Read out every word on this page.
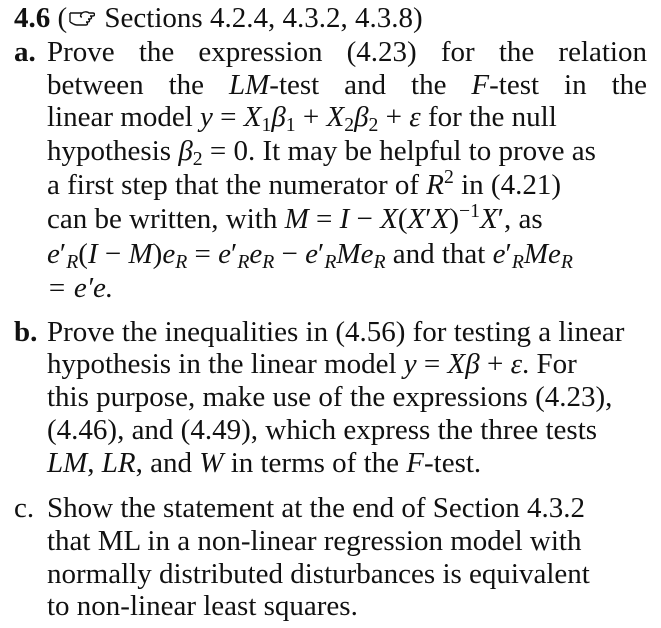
4.6 ( Sections 4.2.4, 4.3.2, 4.3.8)
a. Prove the expression (4.23) for the relation
between the LM-test and the F-test in the
linear model $y = X_1\beta_1 + X_2\beta_2 + \varepsilon$ for the null
hypothesis $\beta_2 = 0$. It may be helpful to prove as
a first step that the numerator of $R^2$ in (4.21)
can be written, with $M = I - X(X'X)^{-1}X'$, as
$e'_R(I - M)e_R = e'_Re_R - e'_RMe_R$ and that $e'_RMe_R$
= e′e.
b. Prove the inequalities in (4.56) for testing a linear
hypothesis in the linear model y = Xβ + ε. For
this purpose, make use of the expressions (4.23),
(4.46), and (4.49), which express the three tests
LM, LR, and W in terms of the F-test.
c. Show the statement at the end of Section 4.3.2
that ML in a non-linear regression model with
normally distributed disturbances is equivalent
to non-linear least squares.
